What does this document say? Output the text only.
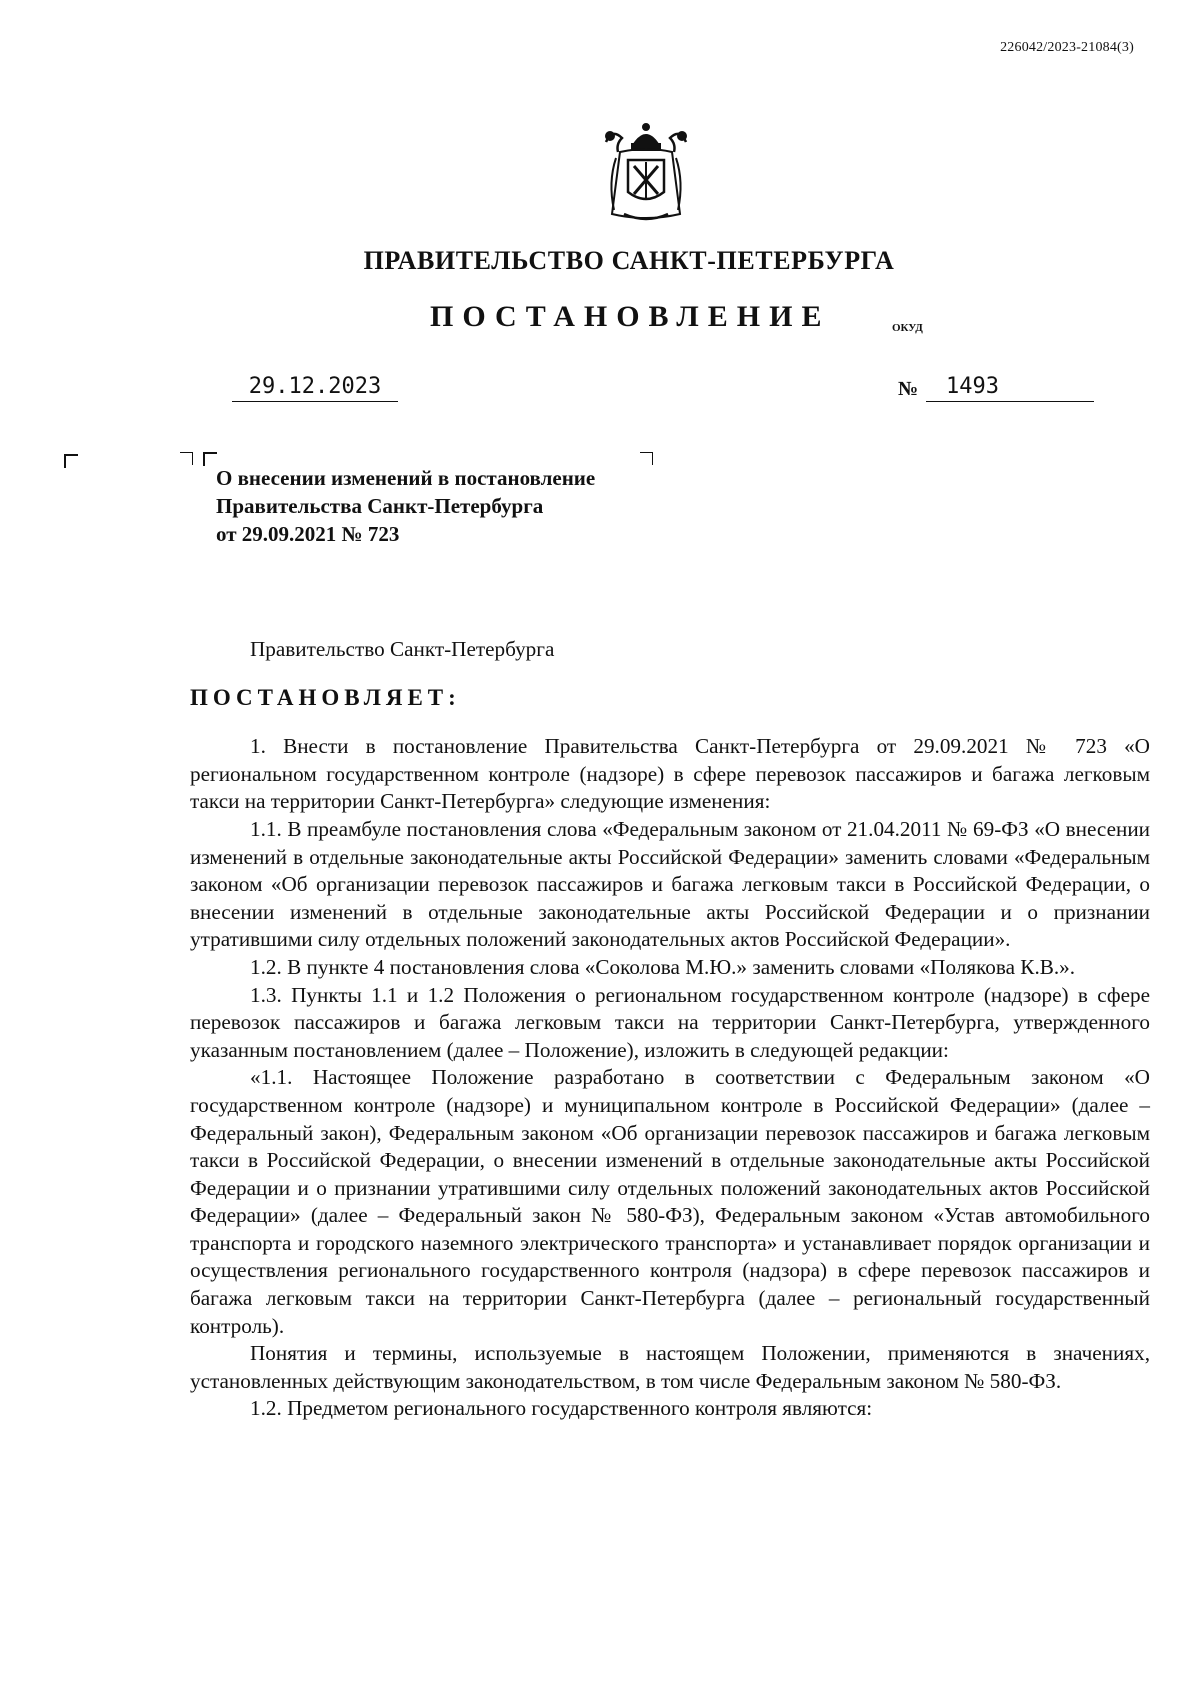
226042/2023-21084(3)
ПРАВИТЕЛЬСТВО САНКТ-ПЕТЕРБУРГА
ПОСТАНОВЛЕНИЕ	ОКУД
29.12.2023	№	1493
О внесении изменений в постановление
Правительства Санкт-Петербурга
от 29.09.2021 № 723

Правительство Санкт-Петербурга

ПОСТАНОВЛЯЕТ:

1. Внести в постановление Правительства Санкт-Петербурга от 29.09.2021 № 723 «О региональном государственном контроле (надзоре) в сфере перевозок пассажиров и багажа легковым такси на территории Санкт-Петербурга» следующие изменения:

1.1. В преамбуле постановления слова «Федеральным законом от 21.04.2011 № 69-ФЗ «О внесении изменений в отдельные законодательные акты Российской Федерации» заменить словами «Федеральным законом «Об организации перевозок пассажиров и багажа легковым такси в Российской Федерации, о внесении изменений в отдельные законодательные акты Российской Федерации и о признании утратившими силу отдельных положений законодательных актов Российской Федерации».

1.2. В пункте 4 постановления слова «Соколова М.Ю.» заменить словами «Полякова К.В.».

1.3. Пункты 1.1 и 1.2 Положения о региональном государственном контроле (надзоре) в сфере перевозок пассажиров и багажа легковым такси на территории Санкт-Петербурга, утвержденного указанным постановлением (далее – Положение), изложить в следующей редакции:

«1.1. Настоящее Положение разработано в соответствии с Федеральным законом «О государственном контроле (надзоре) и муниципальном контроле в Российской Федерации» (далее – Федеральный закон), Федеральным законом «Об организации перевозок пассажиров и багажа легковым такси в Российской Федерации, о внесении изменений в отдельные законодательные акты Российской Федерации и о признании утратившими силу отдельных положений законодательных актов Российской Федерации» (далее – Федеральный закон № 580-ФЗ), Федеральным законом «Устав автомобильного транспорта и городского наземного электрического транспорта» и устанавливает порядок организации и осуществления регионального государственного контроля (надзора) в сфере перевозок пассажиров и багажа легковым такси на территории Санкт-Петербурга (далее – региональный государственный контроль).

Понятия и термины, используемые в настоящем Положении, применяются в значениях, установленных действующим законодательством, в том числе Федеральным законом № 580-ФЗ.

1.2. Предметом регионального государственного контроля являются:
